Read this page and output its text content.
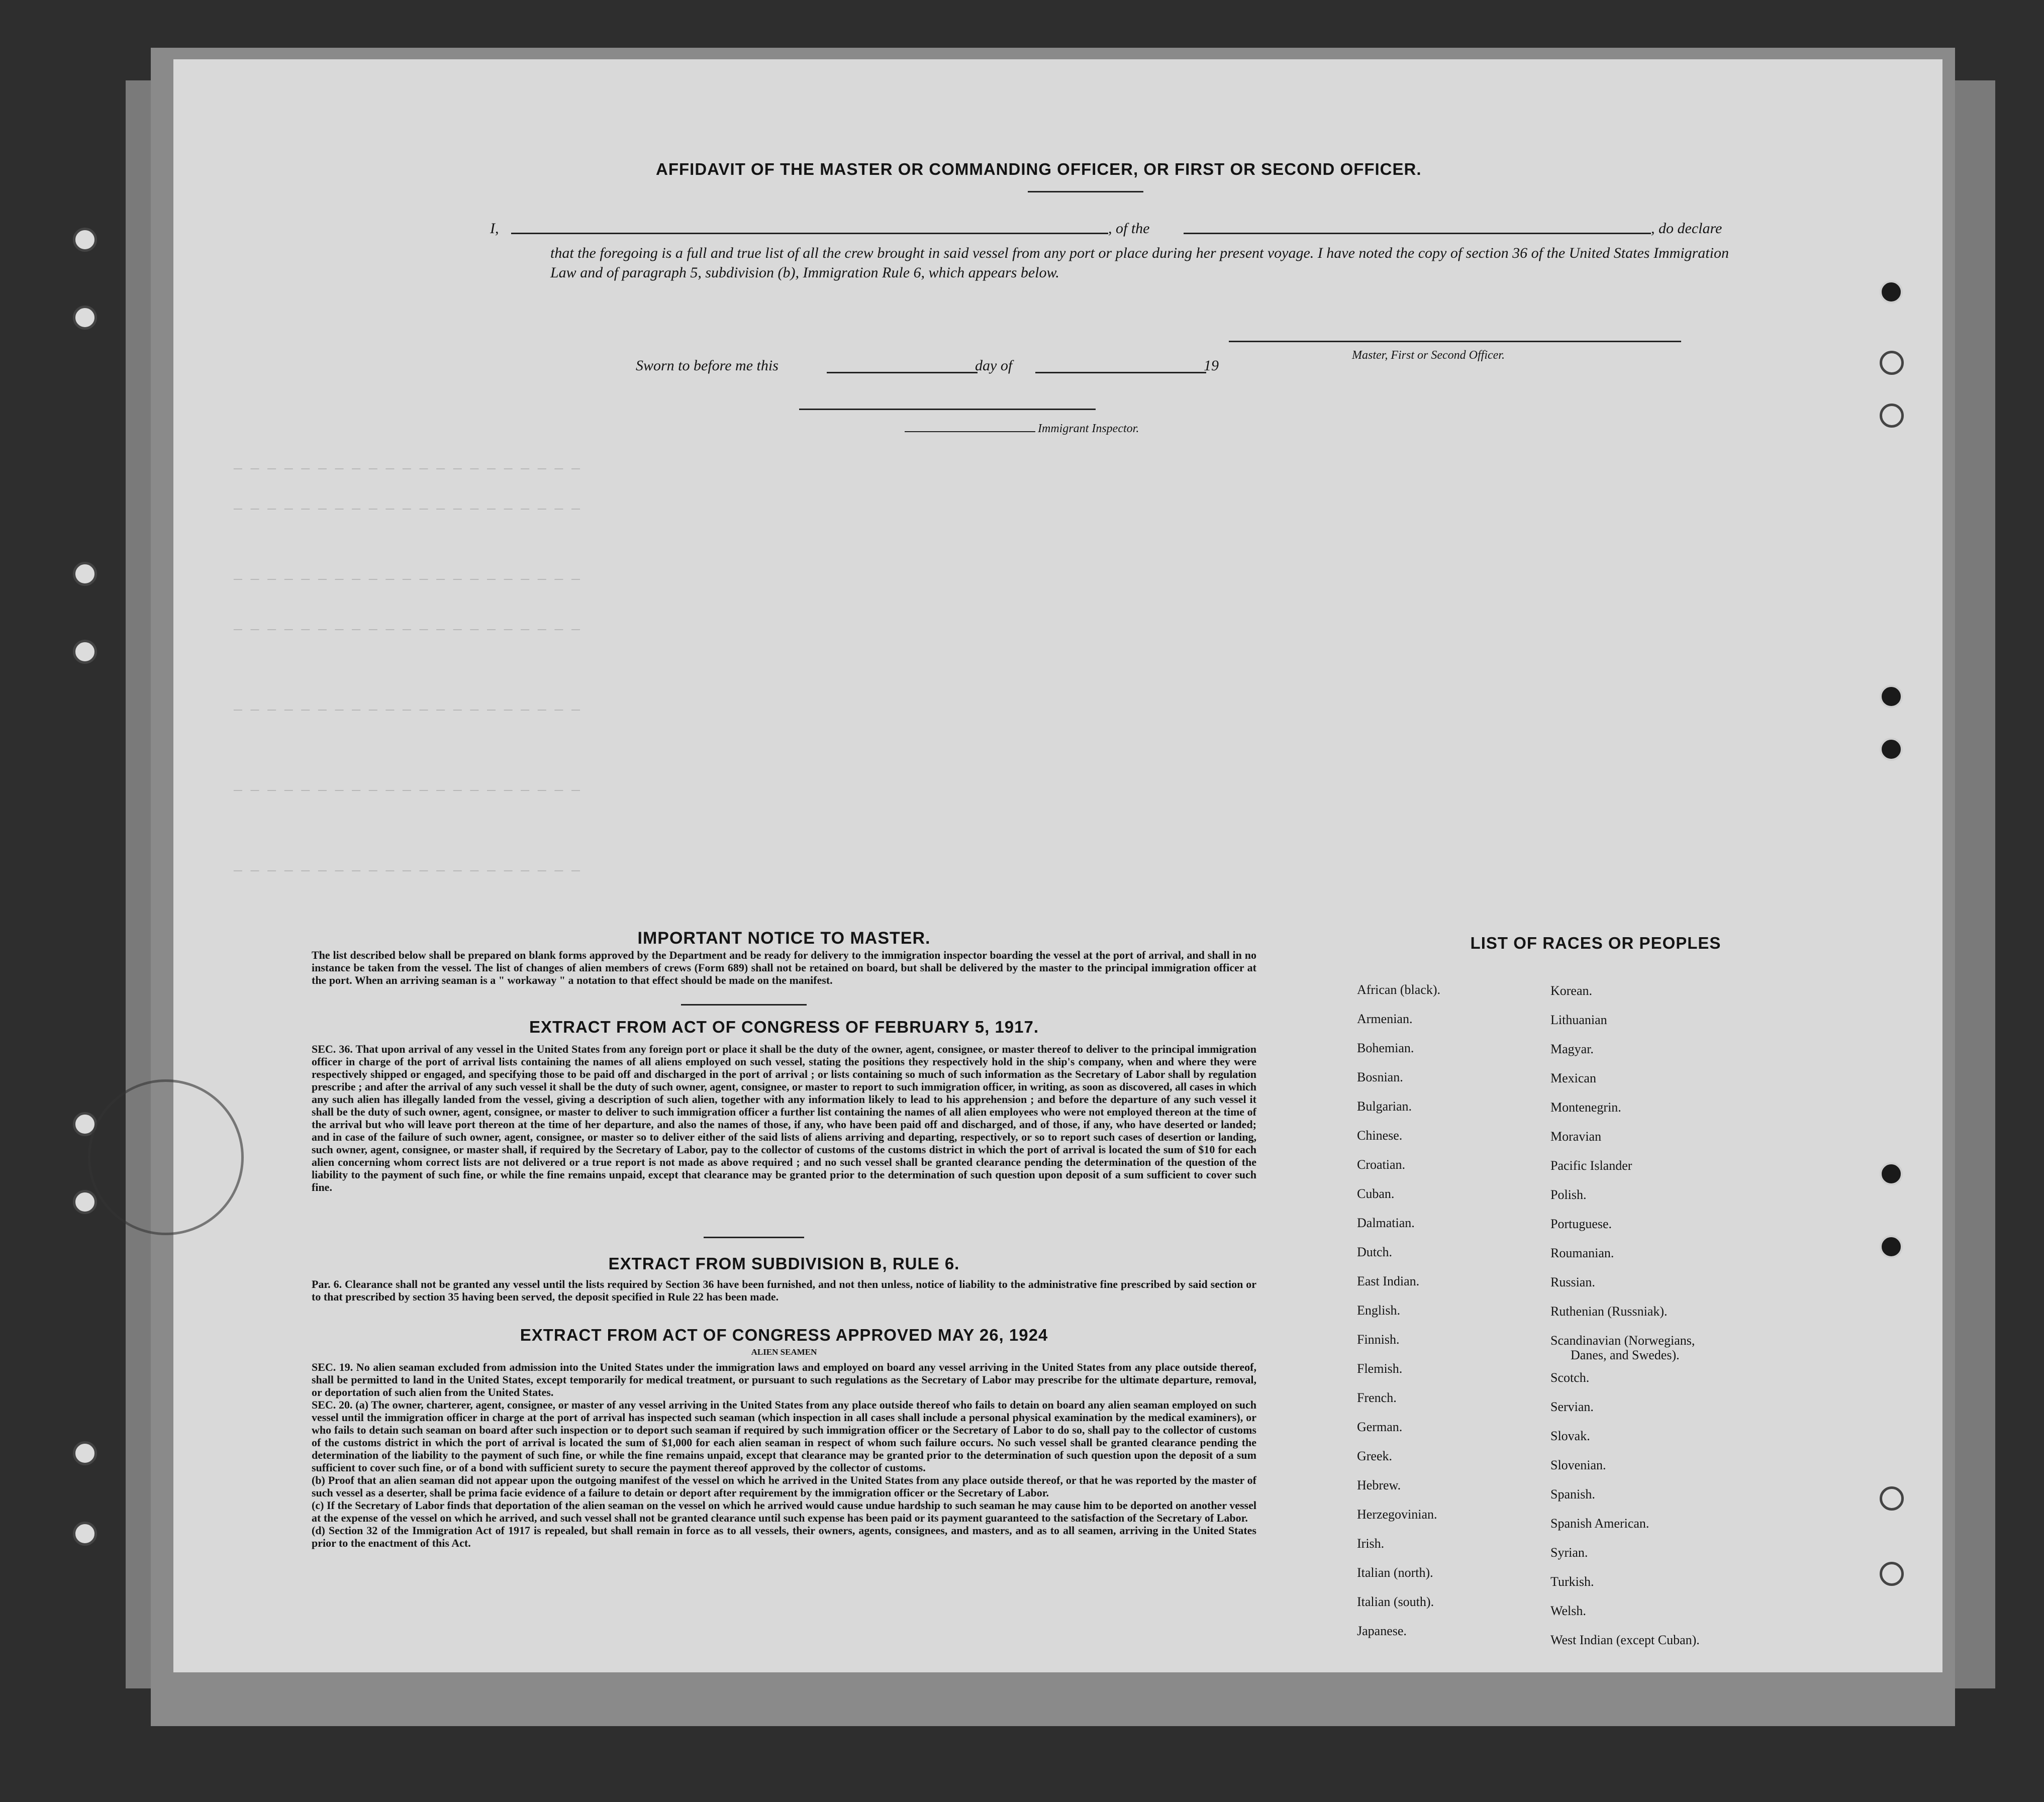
— — — — — — — — — — — — — — — — — — — — —
— — — — — — — — — — — — — — — — — — — — —
— — — — — — — — — — — — — — — — — — — — —
— — — — — — — — — — — — — — — — — — — — —
— — — — — — — — — — — — — — — — — — — — —
— — — — — — — — — — — — — — — — — — — — —
— — — — — — — — — — — — — — — — — — — — —
AFFIDAVIT OF THE MASTER OR COMMANDING OFFICER, OR FIRST OR SECOND OFFICER.
I,	, of the	, do declare
that the foregoing is a full and true list of all the crew brought in said vessel from any port or place during her present voyage. I have noted the copy of section 36 of the United States Immigration Law and of paragraph 5, subdivision (b), Immigration Rule 6, which appears below.
Master, First or Second Officer.
Sworn to before me this	day of	19
Immigrant Inspector.
IMPORTANT NOTICE TO MASTER.
The list described below shall be prepared on blank forms approved by the Department and be ready for delivery to the immigration inspector boarding the vessel at the port of arrival, and shall in no instance be taken from the vessel. The list of changes of alien members of crews (Form 689) shall not be retained on board, but shall be delivered by the master to the principal immigration officer at the port. When an arriving seaman is a " workaway " a notation to that effect should be made on the manifest.
EXTRACT FROM ACT OF CONGRESS OF FEBRUARY 5, 1917.
SEC. 36. That upon arrival of any vessel in the United States from any foreign port or place it shall be the duty of the owner, agent, consignee, or master thereof to deliver to the principal immigration officer in charge of the port of arrival lists containing the names of all aliens employed on such vessel, stating the positions they respectively hold in the ship's company, when and where they were respectively shipped or engaged, and specifying those to be paid off and discharged in the port of arrival ; or lists containing so much of such information as the Secretary of Labor shall by regulation prescribe ; and after the arrival of any such vessel it shall be the duty of such owner, agent, consignee, or master to report to such immigration officer, in writing, as soon as discovered, all cases in which any such alien has illegally landed from the vessel, giving a description of such alien, together with any information likely to lead to his apprehension ; and before the departure of any such vessel it shall be the duty of such owner, agent, consignee, or master to deliver to such immigration officer a further list containing the names of all alien employees who were not employed thereon at the time of the arrival but who will leave port thereon at the time of her departure, and also the names of those, if any, who have been paid off and discharged, and of those, if any, who have deserted or landed; and in case of the failure of such owner, agent, consignee, or master so to deliver either of the said lists of aliens arriving and departing, respectively, or so to report such cases of desertion or landing, such owner, agent, consignee, or master shall, if required by the Secretary of Labor, pay to the collector of customs of the customs district in which the port of arrival is located the sum of $10 for each alien concerning whom correct lists are not delivered or a true report is not made as above required ; and no such vessel shall be granted clearance pending the determination of the question of the liability to the payment of such fine, or while the fine remains unpaid, except that clearance may be granted prior to the determination of such question upon deposit of a sum sufficient to cover such fine.
EXTRACT FROM SUBDIVISION B, RULE 6.
Par. 6. Clearance shall not be granted any vessel until the lists required by Section 36 have been furnished, and not then unless, notice of liability to the administrative fine prescribed by said section or to that prescribed by section 35 having been served, the deposit specified in Rule 22 has been made.
EXTRACT FROM ACT OF CONGRESS APPROVED MAY 26, 1924
ALIEN SEAMEN
SEC. 19. No alien seaman excluded from admission into the United States under the immigration laws and employed on board any vessel arriving in the United States from any place outside thereof, shall be permitted to land in the United States, except temporarily for medical treatment, or pursuant to such regulations as the Secretary of Labor may prescribe for the ultimate departure, removal, or deportation of such alien from the United States.
SEC. 20. (a) The owner, charterer, agent, consignee, or master of any vessel arriving in the United States from any place outside thereof who fails to detain on board any alien seaman employed on such vessel until the immigration officer in charge at the port of arrival has inspected such seaman (which inspection in all cases shall include a personal physical examination by the medical examiners), or who fails to detain such seaman on board after such inspection or to deport such seaman if required by such immigration officer or the Secretary of Labor to do so, shall pay to the collector of customs of the customs district in which the port of arrival is located the sum of $1,000 for each alien seaman in respect of whom such failure occurs. No such vessel shall be granted clearance pending the determination of the liability to the payment of such fine, or while the fine remains unpaid, except that clearance may be granted prior to the determination of such question upon the deposit of a sum sufficient to cover such fine, or of a bond with sufficient surety to secure the payment thereof approved by the collector of customs.
(b) Proof that an alien seaman did not appear upon the outgoing manifest of the vessel on which he arrived in the United States from any place outside thereof, or that he was reported by the master of such vessel as a deserter, shall be prima facie evidence of a failure to detain or deport after requirement by the immigration officer or the Secretary of Labor.
(c) If the Secretary of Labor finds that deportation of the alien seaman on the vessel on which he arrived would cause undue hardship to such seaman he may cause him to be deported on another vessel at the expense of the vessel on which he arrived, and such vessel shall not be granted clearance until such expense has been paid or its payment guaranteed to the satisfaction of the Secretary of Labor.
(d) Section 32 of the Immigration Act of 1917 is repealed, but shall remain in force as to all vessels, their owners, agents, consignees, and masters, and as to all seamen, arriving in the United States prior to the enactment of this Act.
LIST OF RACES OR PEOPLES
African (black).
Armenian.
Bohemian.
Bosnian.
Bulgarian.
Chinese.
Croatian.
Cuban.
Dalmatian.
Dutch.
East Indian.
English.
Finnish.
Flemish.
French.
German.
Greek.
Hebrew.
Herzegovinian.
Irish.
Italian (north).
Italian (south).
Japanese.
Korean.
Lithuanian
Magyar.
Mexican
Montenegrin.
Moravian
Pacific Islander
Polish.
Portuguese.
Roumanian.
Russian.
Ruthenian (Russniak).
Scandinavian (Norwegians,
Danes, and Swedes).
Scotch.
Servian.
Slovak.
Slovenian.
Spanish.
Spanish American.
Syrian.
Turkish.
Welsh.
West Indian (except Cuban).
